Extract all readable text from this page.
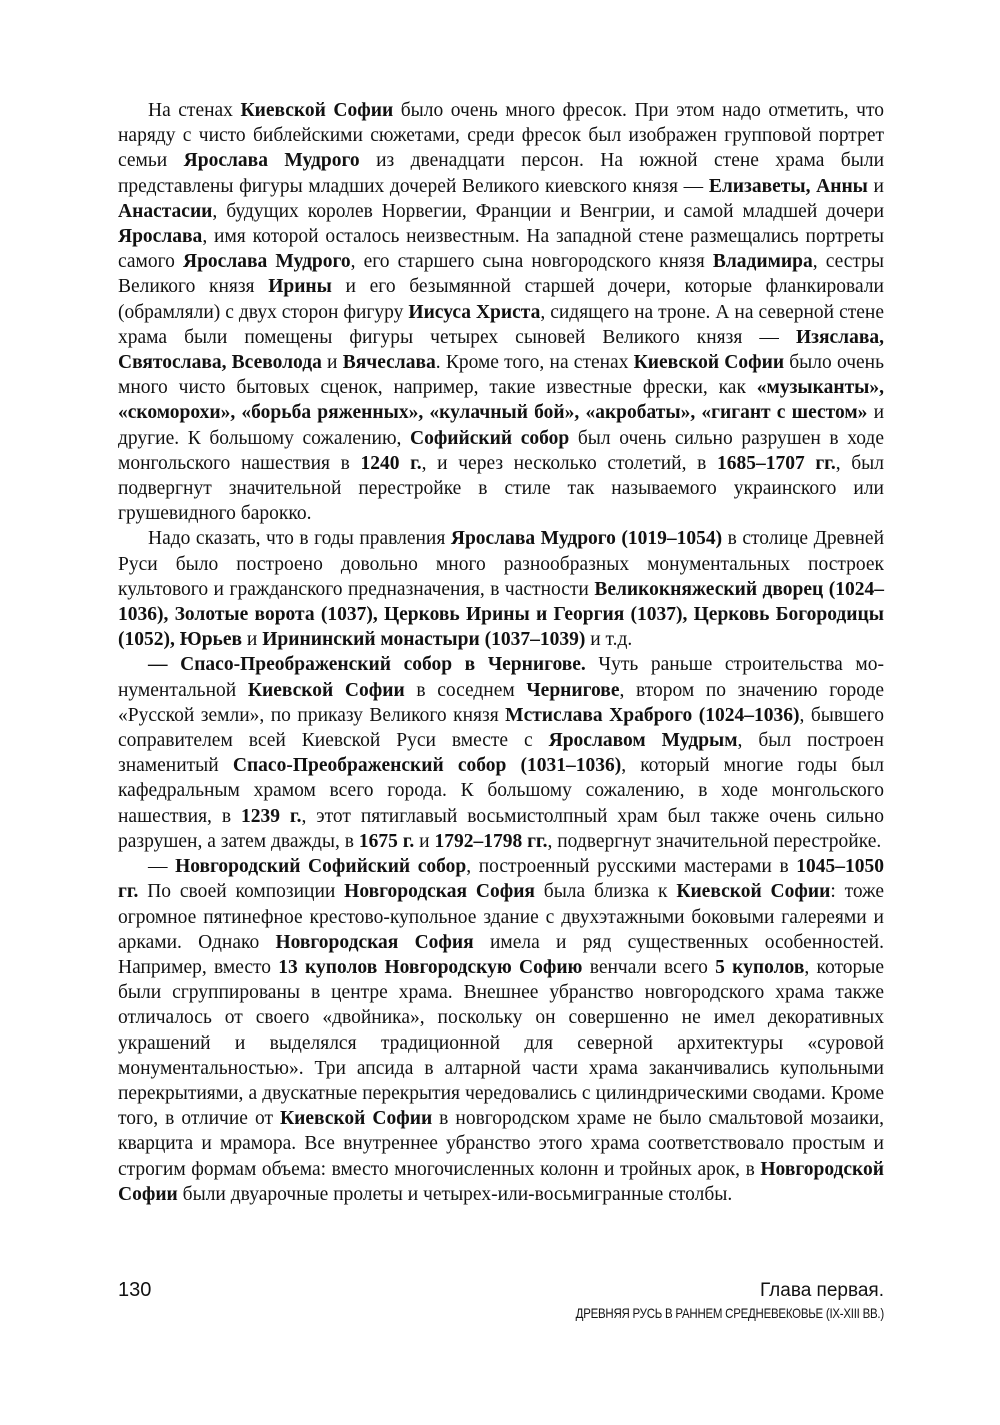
На стенах Киевской Софии было очень много фресок. При этом надо отметить, что наряду с чисто библейскими сюжетами, среди фресок был изображен групповой портрет семьи Ярослава Мудрого из двенадцати персон. На южной стене храма были представлены фигуры младших дочерей Великого киевского князя — Елизаветы, Анны и Анастасии, будущих королев Норвегии, Франции и Венгрии, и самой младшей дочери Ярослава, имя которой осталось неизвестным. На западной стене размещались портреты самого Ярослава Мудрого, его старшего сына новгородского князя Владимира, сестры Великого князя Ирины и его безымянной старшей дочери, которые фланкировали (обрамляли) с двух сторон фигуру Иисуса Христа, сидящего на троне. А на северной стене храма были помещены фигуры четырех сыновей Великого князя — Изяслава, Святослава, Всеволода и Вячеслава. Кроме того, на стенах Киевской Софии было очень много чисто бытовых сценок, например, такие известные фрески, как «музыканты», «скоморохи», «борьба ряженных», «кулачный бой», «акробаты», «гигант с шестом» и другие. К большому сожалению, Софийский собор был очень сильно разрушен в ходе монгольского нашествия в 1240 г., и через несколько столетий, в 1685–1707 гг., был подвергнут значительной перестройке в стиле так называемого украинского или грушевидного барокко.

Надо сказать, что в годы правления Ярослава Мудрого (1019–1054) в столице Древней Руси было построено довольно много разнообразных монументальных построек культового и гражданского предназначения, в частности Великокняжеский дворец (1024–1036), Золотые ворота (1037), Церковь Ирины и Георгия (1037), Церковь Богородицы (1052), Юрьев и Ирининский монастыри (1037–1039) и т.д.

— Спасо-Преображенский собор в Чернигове. Чуть раньше строительства монументальной Киевской Софии в соседнем Чернигове, втором по значению городе «Русской земли», по приказу Великого князя Мстислава Храброго (1024–1036), бывшего соправителем всей Киевской Руси вместе с Ярославом Мудрым, был построен знаменитый Спасо-Преображенский собор (1031–1036), который многие годы был кафедральным храмом всего города. К большому сожалению, в ходе монгольского нашествия, в 1239 г., этот пятиглавый восьмистолпный храм был также очень сильно разрушен, а затем дважды, в 1675 г. и 1792–1798 гг., подвергнут значительной перестройке.

— Новгородский Софийский собор, построенный русскими мастерами в 1045–1050 гг. По своей композиции Новгородская София была близка к Киевской Софии: тоже огромное пятинефное крестово-купольное здание с двухэтажными боковыми галереями и арками. Однако Новгородская София имела и ряд существенных особенностей. Например, вместо 13 куполов Новгородскую Софию венчали всего 5 куполов, которые были сгруппированы в центре храма. Внешнее убранство новгородского храма также отличалось от своего «двойника», поскольку он совершенно не имел декоративных украшений и выделялся традиционной для северной архитектуры «суровой монументальностью». Три апсида в алтарной части храма заканчивались купольными перекрытиями, а двускатные перекрытия чередовались с цилиндрическими сводами. Кроме того, в отличие от Киевской Софии в новгородском храме не было смальтовой мозаики, кварцита и мрамора. Все внутреннее убранство этого храма соответствовало простым и строгим формам объема: вместо многочисленных колонн и тройных арок, в Новгородской Софии были двуарочные пролеты и четырех-или-восьмигранные столбы.

130	Глава первая.
ДРЕВНЯЯ РУСЬ В РАННЕМ СРЕДНЕВЕКОВЬЕ (IX-XIII ВВ.)
